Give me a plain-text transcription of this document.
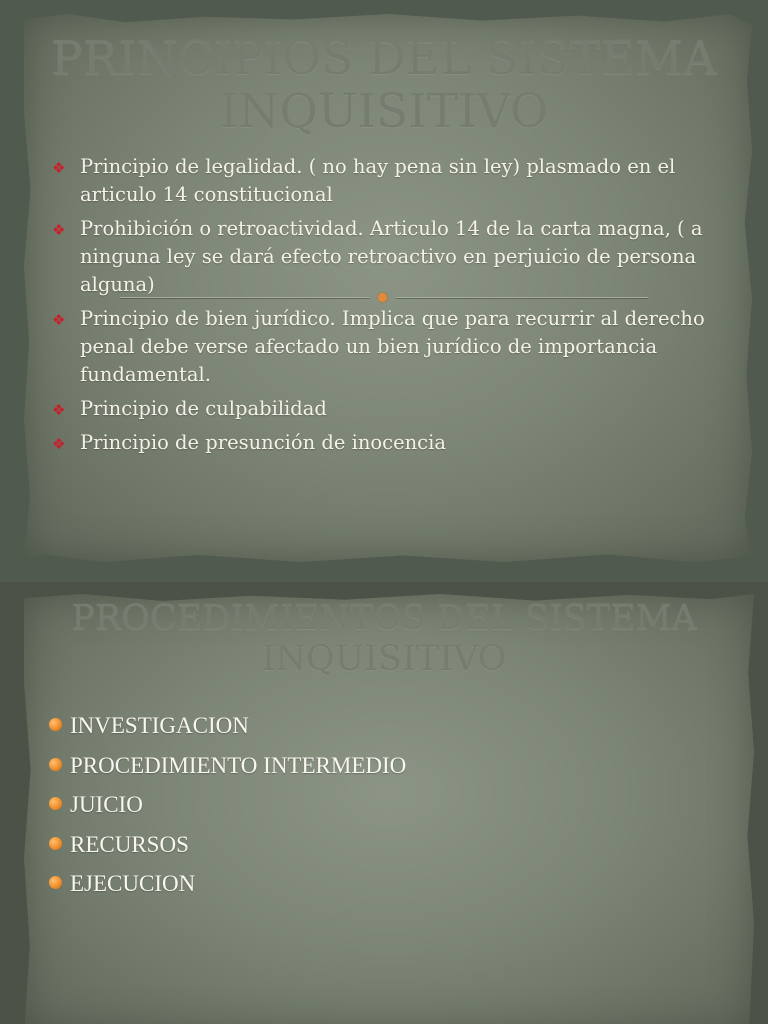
PRINCIPIOS DEL SISTEMA
INQUISITIVO
❖ Principio de legalidad. ( no hay pena sin ley) plasmado en el articulo 14 constitucional
❖ Prohibición o retroactividad. Articulo 14 de la carta magna, ( a ninguna ley se dará efecto retroactivo en perjuicio de persona alguna)
❖ Principio de bien jurídico. Implica que para recurrir al derecho penal debe verse afectado un bien jurídico de importancia fundamental.
❖ Principio de culpabilidad
❖ Principio de presunción de inocencia
PROCEDIMIENTOS DEL SISTEMA
INQUISITIVO
INVESTIGACION
PROCEDIMIENTO INTERMEDIO
JUICIO
RECURSOS
EJECUCION
